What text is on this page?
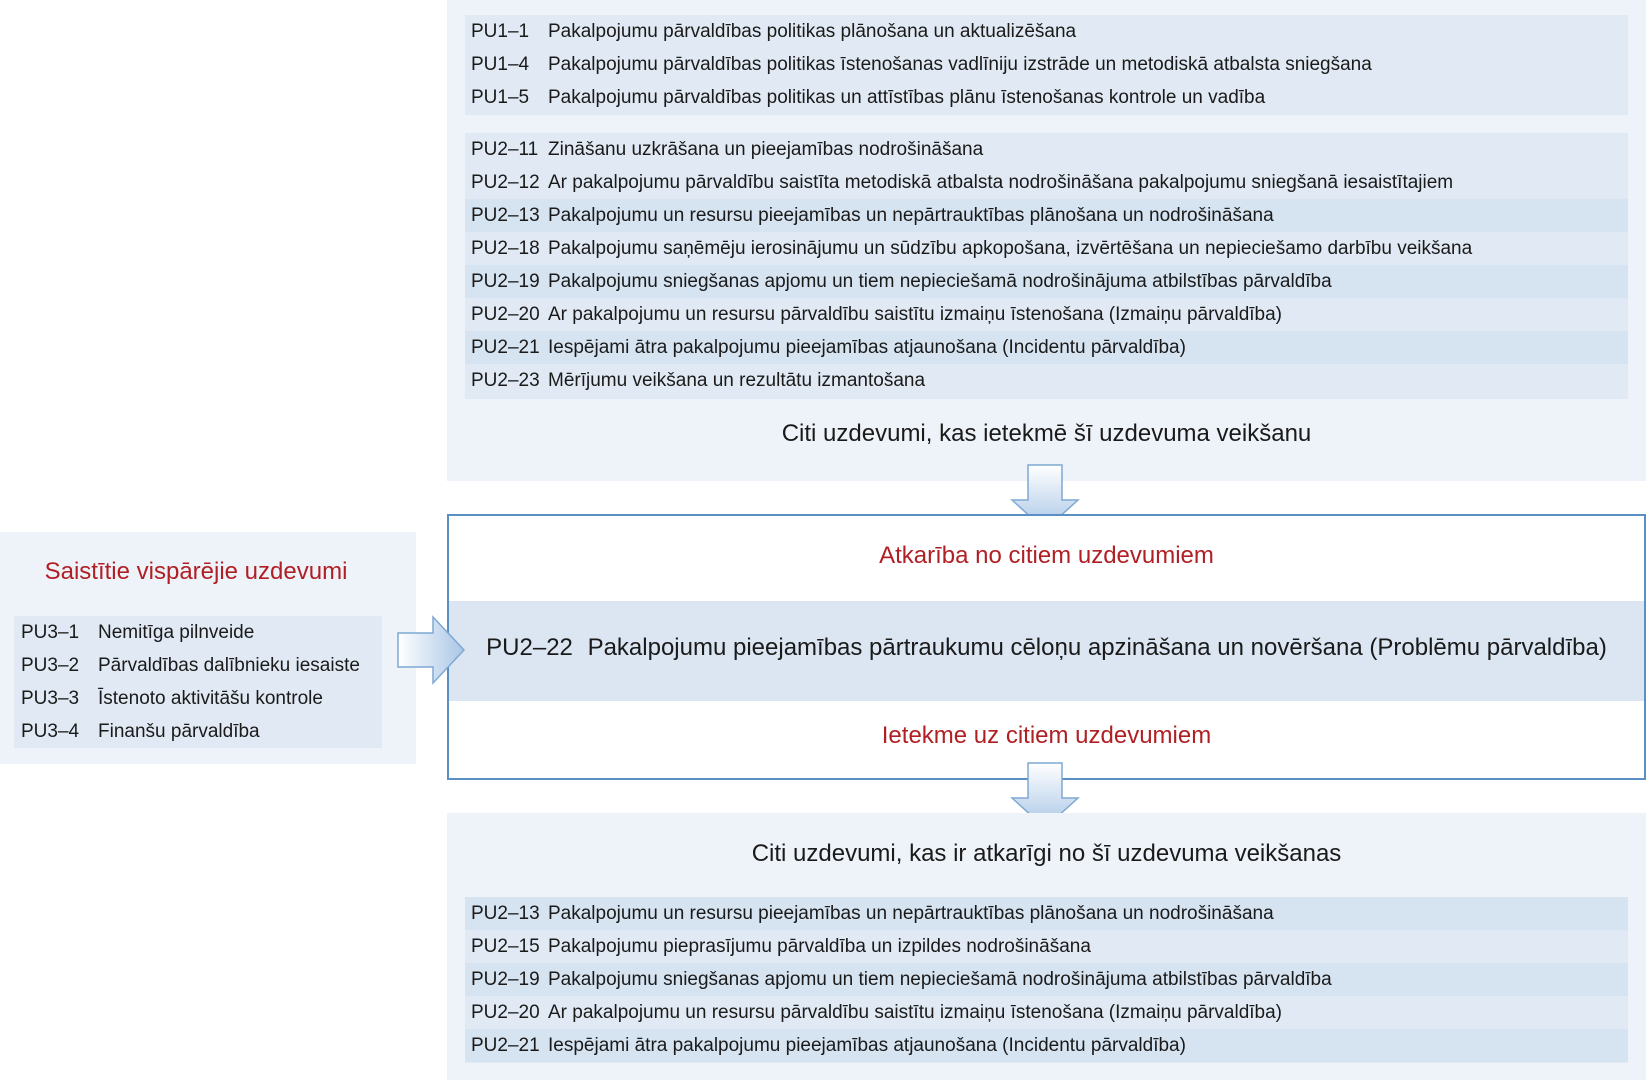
PU1–1 Pakalpojumu pārvaldības politikas plānošana un aktualizēšana
PU1–4 Pakalpojumu pārvaldības politikas īstenošanas vadlīniju izstrāde un metodiskā atbalsta sniegšana
PU1–5 Pakalpojumu pārvaldības politikas un attīstības plānu īstenošanas kontrole un vadība
PU2–11 Zināšanu uzkrāšana un pieejamības nodrošināšana
PU2–12 Ar pakalpojumu pārvaldību saistīta metodiskā atbalsta nodrošināšana pakalpojumu sniegšanā iesaistītajiem
PU2–13 Pakalpojumu un resursu pieejamības un nepārtrauktības plānošana un nodrošināšana
PU2–18 Pakalpojumu saņēmēju ierosinājumu un sūdzību apkopošana, izvērtēšana un nepieciešamo darbību veikšana
PU2–19 Pakalpojumu sniegšanas apjomu un tiem nepieciešamā nodrošinājuma atbilstības pārvaldība
PU2–20 Ar pakalpojumu un resursu pārvaldību saistītu izmaiņu īstenošana (Izmaiņu pārvaldība)
PU2–21 Iespējami ātra pakalpojumu pieejamības atjaunošana (Incidentu pārvaldība)
PU2–23 Mērījumu veikšana un rezultātu izmantošana
Citi uzdevumi, kas ietekmē šī uzdevuma veikšanu
Atkarība no citiem uzdevumiem
PU2–22 Pakalpojumu pieejamības pārtraukumu cēloņu apzināšana un novēršana (Problēmu pārvaldība)
Ietekme uz citiem uzdevumiem
Saistītie vispārējie uzdevumi
PU3–1 Nemitīga pilnveide
PU3–2 Pārvaldības dalībnieku iesaiste
PU3–3 Īstenoto aktivitāšu kontrole
PU3–4 Finanšu pārvaldība
Citi uzdevumi, kas ir atkarīgi no šī uzdevuma veikšanas
PU2–13 Pakalpojumu un resursu pieejamības un nepārtrauktības plānošana un nodrošināšana
PU2–15 Pakalpojumu pieprasījumu pārvaldība un izpildes nodrošināšana
PU2–19 Pakalpojumu sniegšanas apjomu un tiem nepieciešamā nodrošinājuma atbilstības pārvaldība
PU2–20 Ar pakalpojumu un resursu pārvaldību saistītu izmaiņu īstenošana (Izmaiņu pārvaldība)
PU2–21 Iespējami ātra pakalpojumu pieejamības atjaunošana (Incidentu pārvaldība)
